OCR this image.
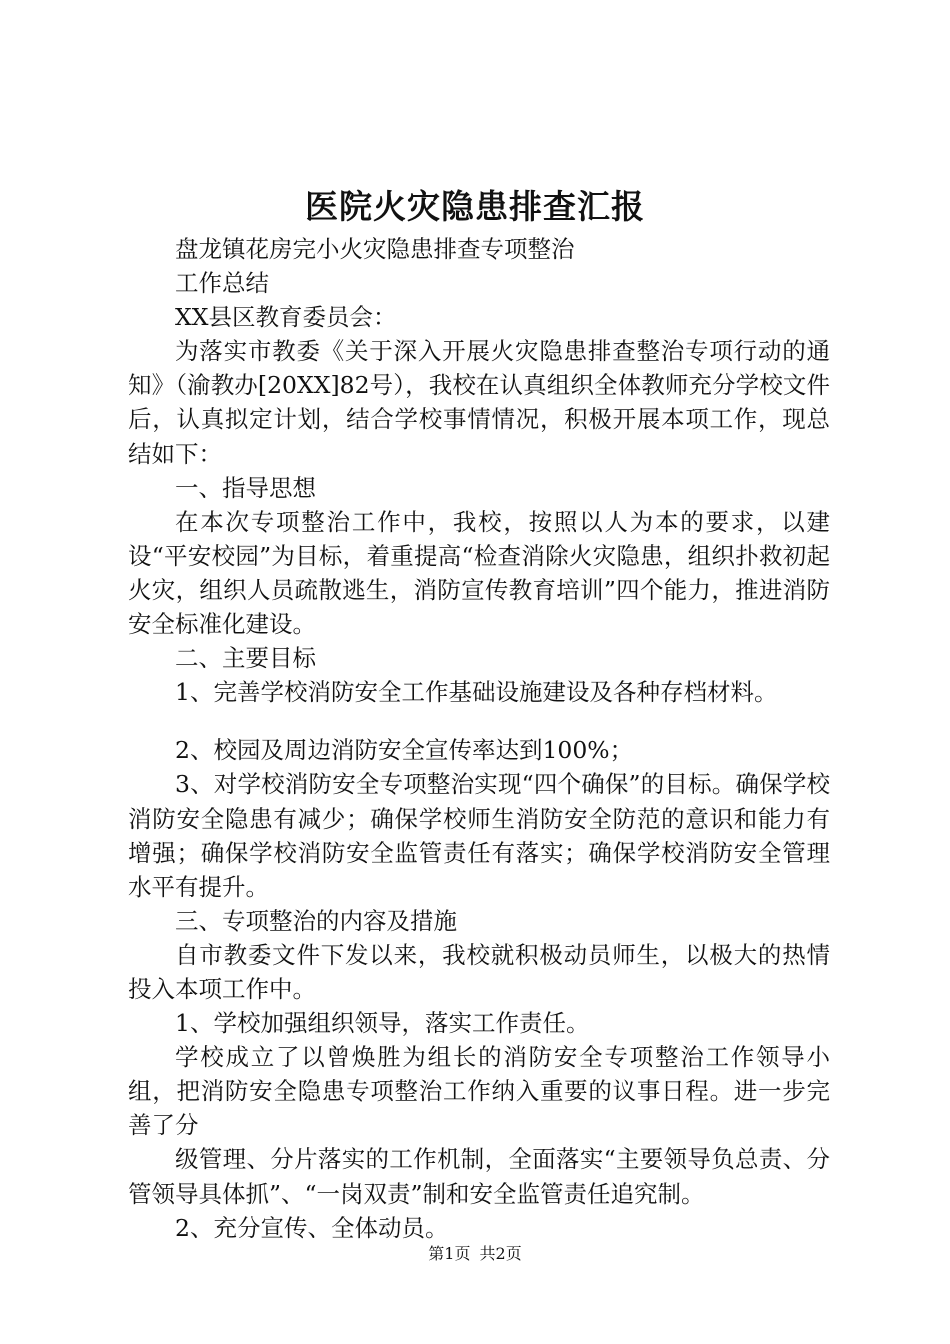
医院火灾隐患排查汇报

盘龙镇花房完小火灾隐患排查专项整治

工作总结

XX县区教育委员会：

为落实市教委《关于深入开展火灾隐患排查整治专项行动的通知》（渝教办[20XX]82号），我校在认真组织全体教师充分学校文件后，认真拟定计划，结合学校事情情况，积极开展本项工作，现总结如下：

一、指导思想

在本次专项整治工作中，我校，按照以人为本的要求，以建设“平安校园”为目标，着重提高“检查消除火灾隐患，组织扑救初起火灾，组织人员疏散逃生，消防宣传教育培训”四个能力，推进消防安全标准化建设。

二、主要目标

1、完善学校消防安全工作基础设施建设及各种存档材料。

2、校园及周边消防安全宣传率达到100%；

3、对学校消防安全专项整治实现“四个确保”的目标。确保学校消防安全隐患有减少；确保学校师生消防安全防范的意识和能力有增强；确保学校消防安全监管责任有落实；确保学校消防安全管理水平有提升。

三、专项整治的内容及措施

自市教委文件下发以来，我校就积极动员师生，以极大的热情投入本项工作中。

1、学校加强组织领导，落实工作责任。

学校成立了以曾焕胜为组长的消防安全专项整治工作领导小组，把消防安全隐患专项整治工作纳入重要的议事日程。进一步完善了分

级管理、分片落实的工作机制，全面落实“主要领导负总责、分管领导具体抓”、“一岗双责”制和安全监管责任追究制。

2、充分宣传、全体动员。

第1页 共2页
